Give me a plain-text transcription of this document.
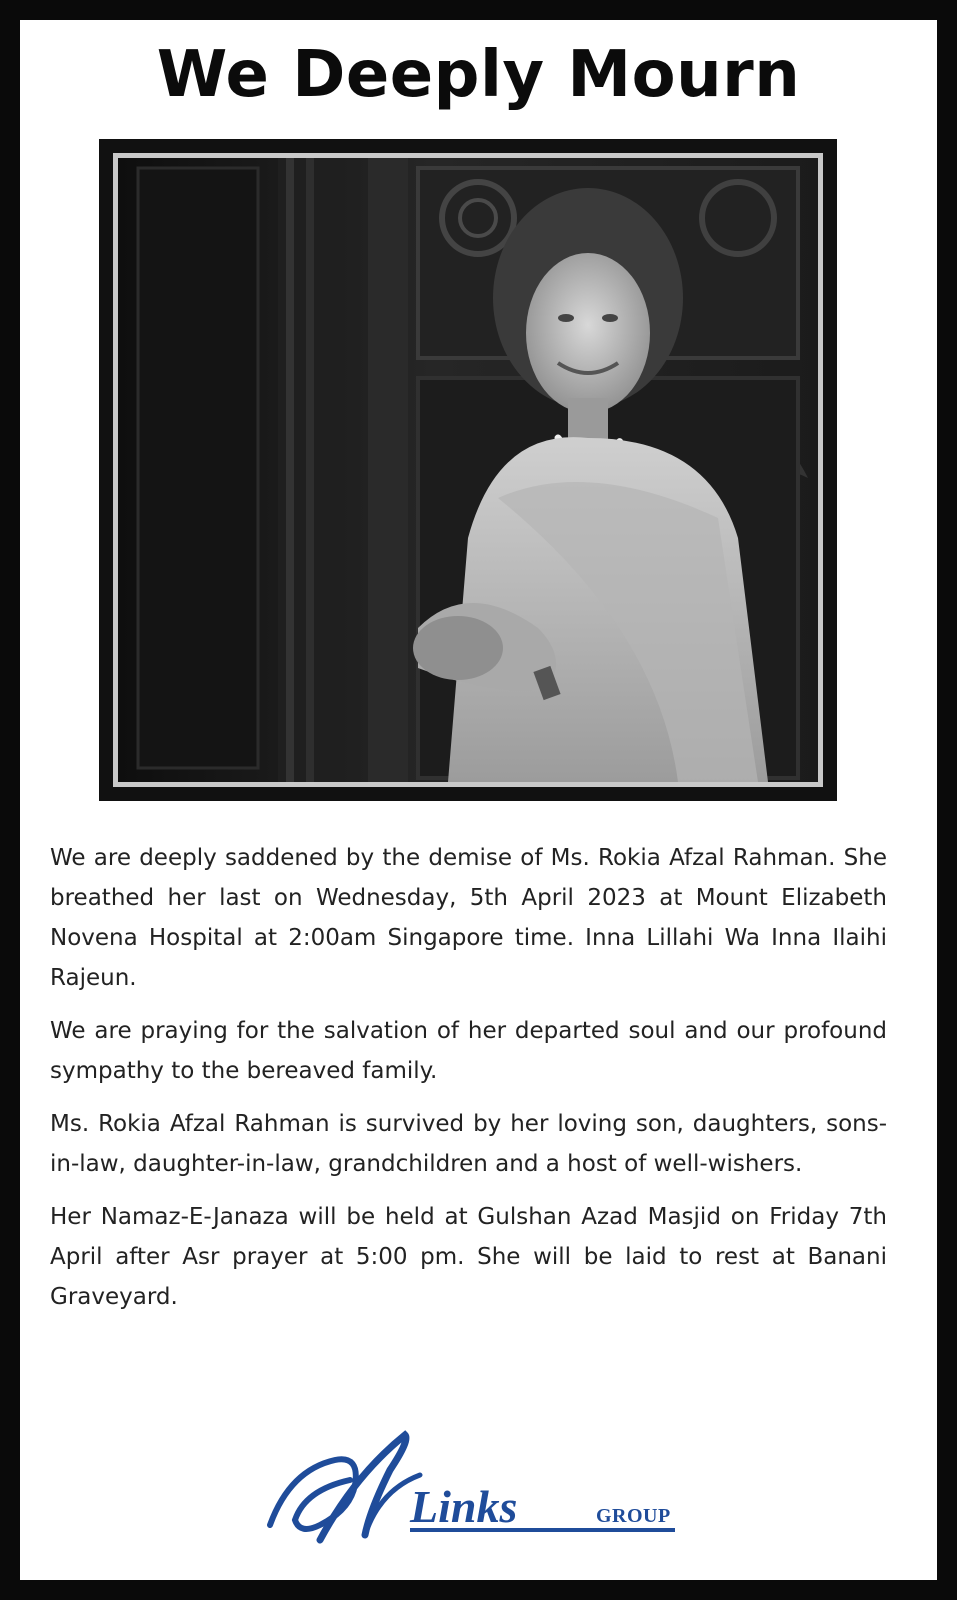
We Deeply Mourn

We are deeply saddened by the demise of Ms. Rokia Afzal Rahman. She breathed her last on Wednesday, 5th April 2023 at Mount Elizabeth Novena Hospital at 2:00am Singapore time. Inna Lillahi Wa Inna Ilaihi Rajeun.

We are praying for the salvation of her departed soul and our profound sympathy to the bereaved family.

Ms. Rokia Afzal Rahman is survived by her loving son, daughters, sons-in-law, daughter-in-law, grandchildren and a host of well-wishers.

Her Namaz-E-Janaza will be held at Gulshan Azad Masjid on Friday 7th April after Asr prayer at 5:00 pm. She will be laid to rest at Banani Graveyard.

Links	GROUP
